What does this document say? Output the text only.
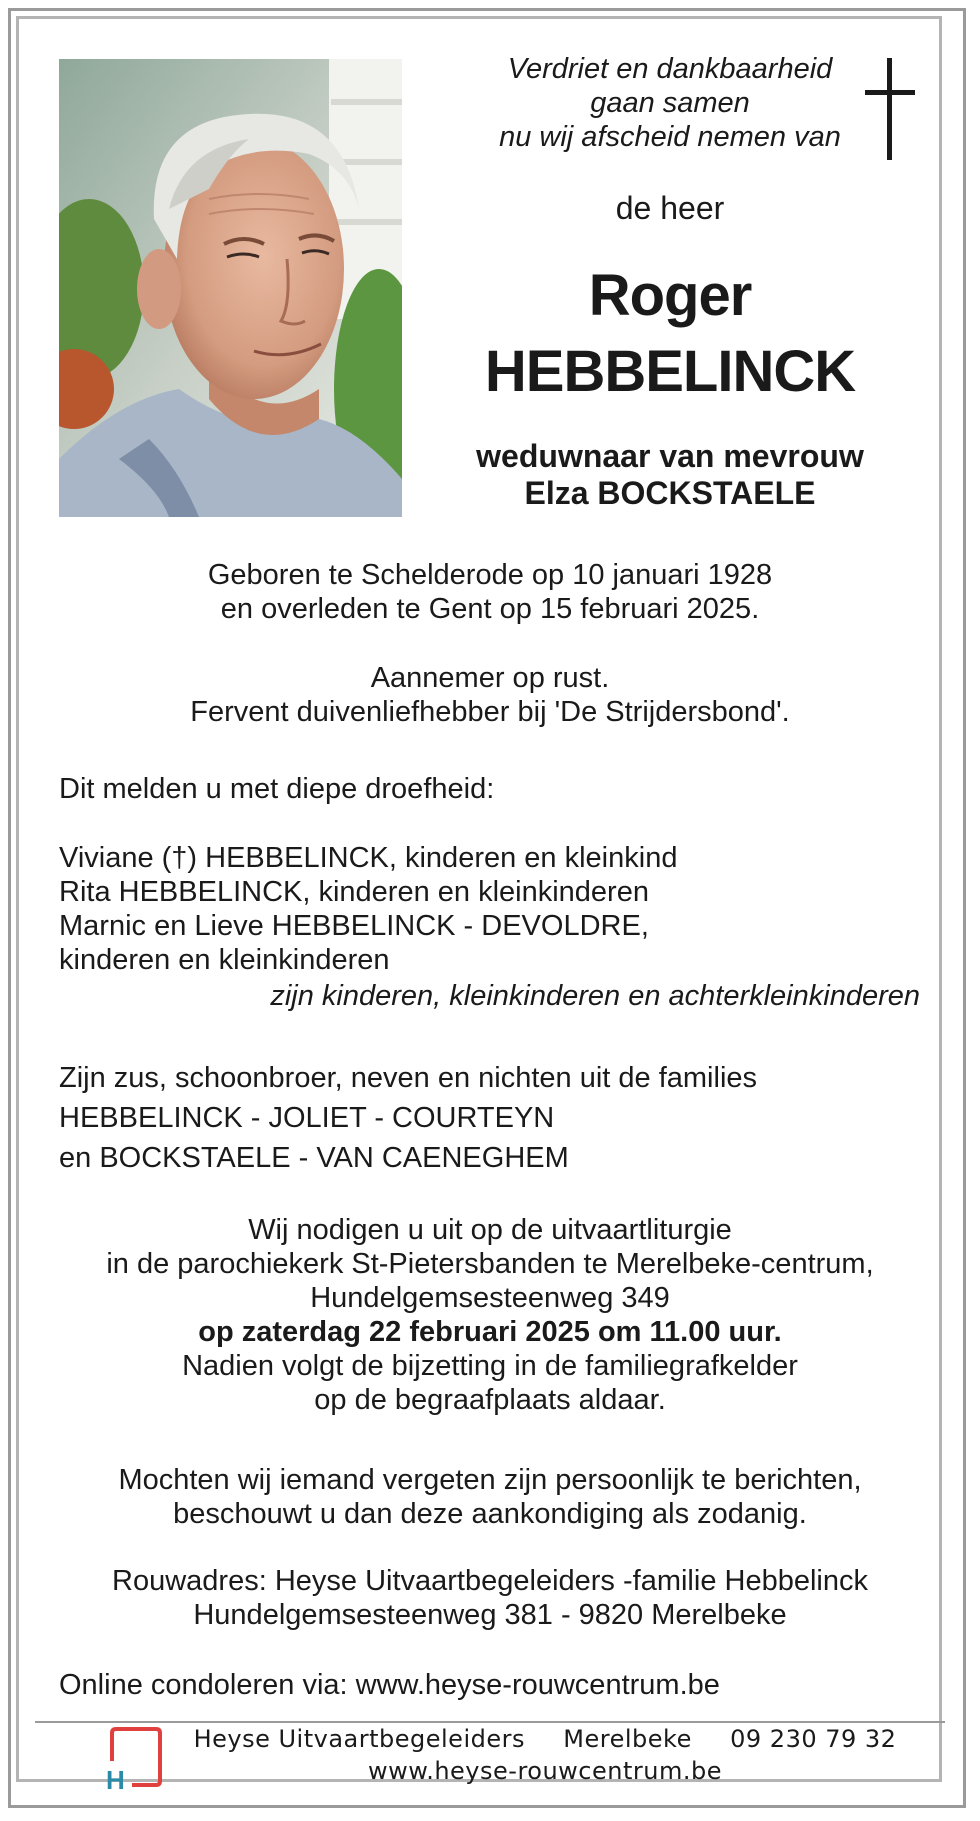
Verdriet en dankbaarheid
gaan samen
nu wij afscheid nemen van
de heer
Roger
HEBBELINCK
weduwnaar van mevrouw
Elza BOCKSTAELE
Geboren te Schelderode op 10 januari 1928
en overleden te Gent op 15 februari 2025.
Aannemer op rust.
Fervent duivenliefhebber bij 'De Strijdersbond'.
Dit melden u met diepe droefheid:
Viviane (†) HEBBELINCK, kinderen en kleinkind
Rita HEBBELINCK, kinderen en kleinkinderen
Marnic en Lieve HEBBELINCK - DEVOLDRE,
kinderen en kleinkinderen
zijn kinderen, kleinkinderen en achterkleinkinderen
Zijn zus, schoonbroer, neven en nichten uit de families
HEBBELINCK - JOLIET - COURTEYN
en BOCKSTAELE - VAN CAENEGHEM
Wij nodigen u uit op de uitvaartliturgie
in de parochiekerk St-Pietersbanden te Merelbeke-centrum,
Hundelgemsesteenweg 349
op zaterdag 22 februari 2025 om 11.00 uur.
Nadien volgt de bijzetting in de familiegrafkelder
op de begraafplaats aldaar.
Mochten wij iemand vergeten zijn persoonlijk te berichten,
beschouwt u dan deze aankondiging als zodanig.
Rouwadres: Heyse Uitvaartbegeleiders -familie Hebbelinck
Hundelgemsesteenweg 381 - 9820 Merelbeke
Online condoleren via: www.heyse-rouwcentrum.be
H
Heyse Uitvaartbegeleiders Merelbeke 09 230 79 32
www.heyse-rouwcentrum.be
